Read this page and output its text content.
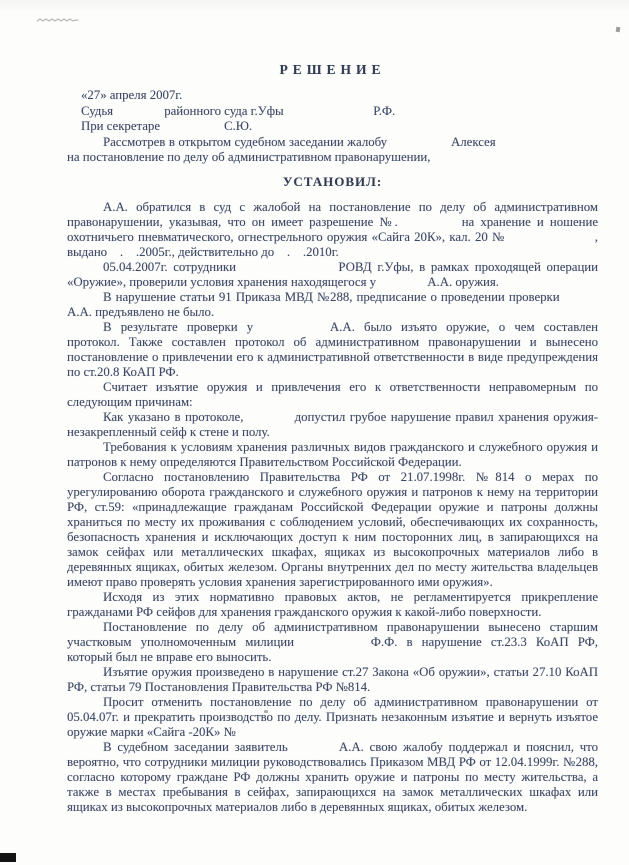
РЕШЕНИЕ
«27» апреля 2007г.
Судья    районного суда г.Уфы       Р.Ф.
При секретаре     С.Ю.

Рассмотрев в открытом судебном заседании жалобу     Алексея        на постановление по делу об административном правонарушении,

УСТАНОВИЛ:

А.А. обратился в суд с жалобой на постановление по делу об административном правонарушении, указывая, что он имеет разрешение №.     на хранение и ношение охотничьего пневматического, огнестрельного оружия «Сайга 20К», кал. 20 №       , выдано  .  .2005г., действительно до  .  .2010г.

05.04.2007г. сотрудники        РОВД г.Уфы, в рамках проходящей операции «Оружие», проверили условия хранения находящегося у    А.А. оружия.

В нарушение статьи 91 Приказа МВД №288, предписание о проведении проверки   А.А. предъявлено не было.

В результате проверки у      А.А. было изъято оружие, о чем составлен протокол. Также составлен протокол об административном правонарушении и вынесено постановление о привлечении его к административной ответственности в виде предупреждения по ст.20.8 КоАП РФ.

Считает изъятие оружия и привлечения его к ответственности неправомерным по следующим причинам:

Как указано в протоколе,    допустил грубое нарушение правил хранения оружия-незакрепленный сейф к стене и полу.

Требования к условиям хранения различных видов гражданского и служебного оружия и патронов к нему определяются Правительством Российской Федерации.

Согласно постановлению Правительства РФ от 21.07.1998г. №814 о мерах по урегулированию оборота гражданского и служебного оружия и патронов к нему на территории РФ, ст.59: «принадлежащие гражданам Российской Федерации оружие и патроны должны храниться по месту их проживания с соблюдением условий, обеспечивающих их сохранность, безопасность хранения и исключающих доступ к ним посторонних лиц, в запирающихся на замок сейфах или металлических шкафах, ящиках из высокопрочных материалов либо в деревянных ящиках, обитых железом. Органы внутренних дел по месту жительства владельцев имеют право проверять условия хранения зарегистрированного ими оружия».

Исходя из этих нормативно правовых актов, не регламентируется прикрепление гражданами РФ сейфов для хранения гражданского оружия к какой-либо поверхности.

Постановление по делу об административном правонарушении вынесено старшим участковым уполномоченным милиции      Ф.Ф. в нарушение ст.23.3 КоАП РФ, который был не вправе его выносить.

Изъятие оружия произведено в нарушение ст.27 Закона «Об оружии», статьи 27.10 КоАП РФ, статьи 79 Постановления Правительства РФ №814.

Просит отменить постановление по делу об административном правонарушении от 05.04.07г. и прекратить производство по делу. Признать незаконным изъятие и вернуть изъятое оружие марки «Сайга -20К» №

В судебном заседании заявитель    А.А. свою жалобу поддержал и пояснил, что вероятно, что сотрудники милиции руководствовались Приказом МВД РФ от 12.04.1999г. №288, согласно которому граждане РФ должны хранить оружие и патроны по месту жительства, а также в местах пребывания в сейфах, запирающихся на замок металлических шкафах или ящиках из высокопрочных материалов либо в деревянных ящиках, обитых железом.
